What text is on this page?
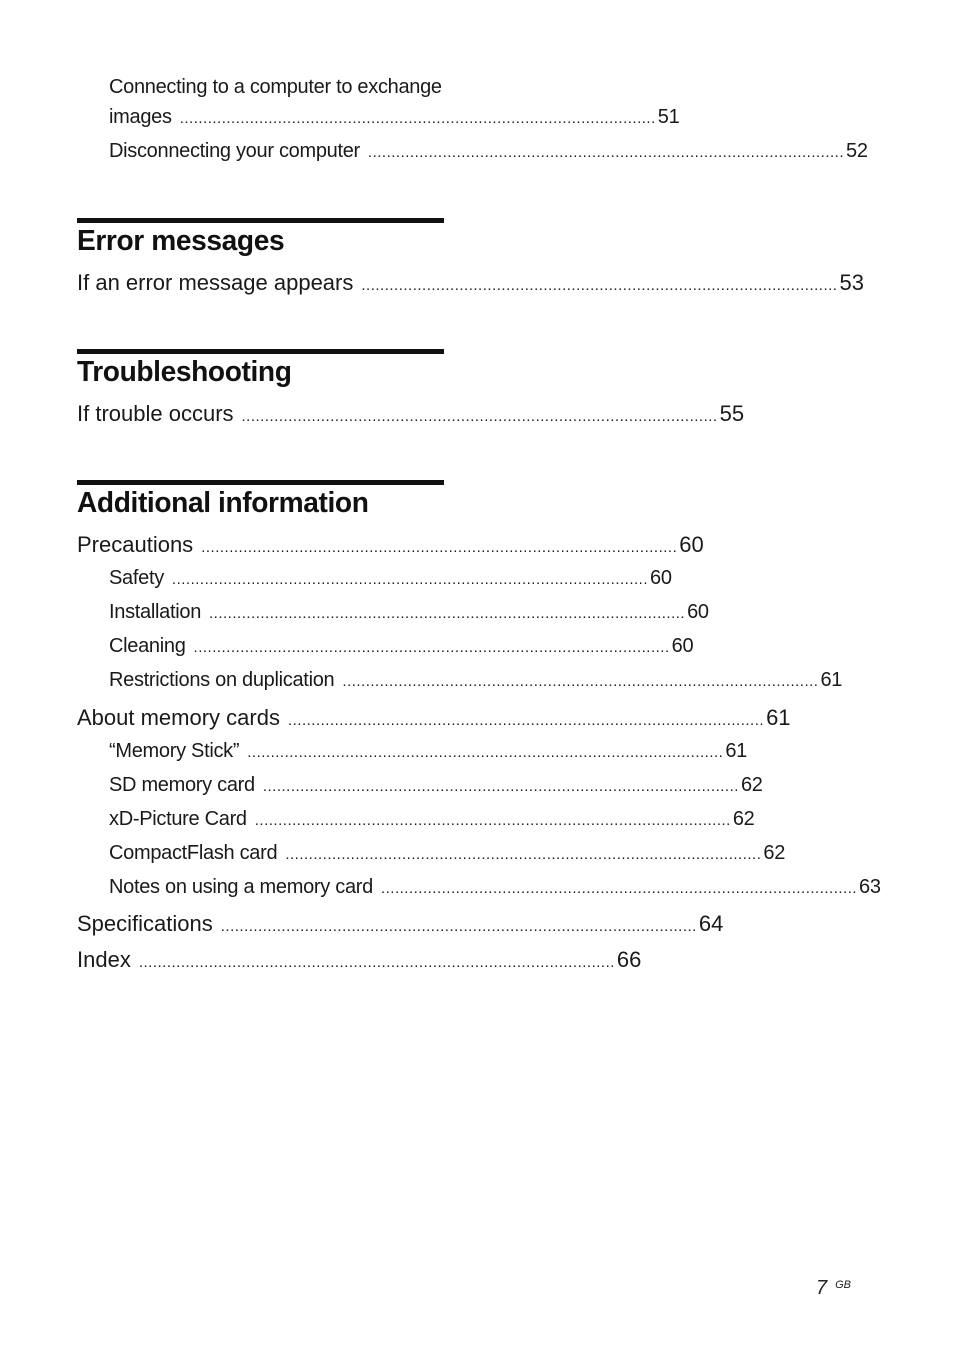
Connecting to a computer to exchange
images ...................................................................................................... 51
Disconnecting your computer ...................................................................................................... 52
Error messages
If an error message appears ...................................................................................................... 53
Troubleshooting
If trouble occurs ...................................................................................................... 55
Additional information
Precautions ...................................................................................................... 60
Safety ...................................................................................................... 60
Installation ...................................................................................................... 60
Cleaning ...................................................................................................... 60
Restrictions on duplication ...................................................................................................... 61
About memory cards ...................................................................................................... 61
“Memory Stick” ...................................................................................................... 61
SD memory card ...................................................................................................... 62
xD-Picture Card ...................................................................................................... 62
CompactFlash card ...................................................................................................... 62
Notes on using a memory card ...................................................................................................... 63
Specifications ...................................................................................................... 64
Index ...................................................................................................... 66
7 $^{GB}$
